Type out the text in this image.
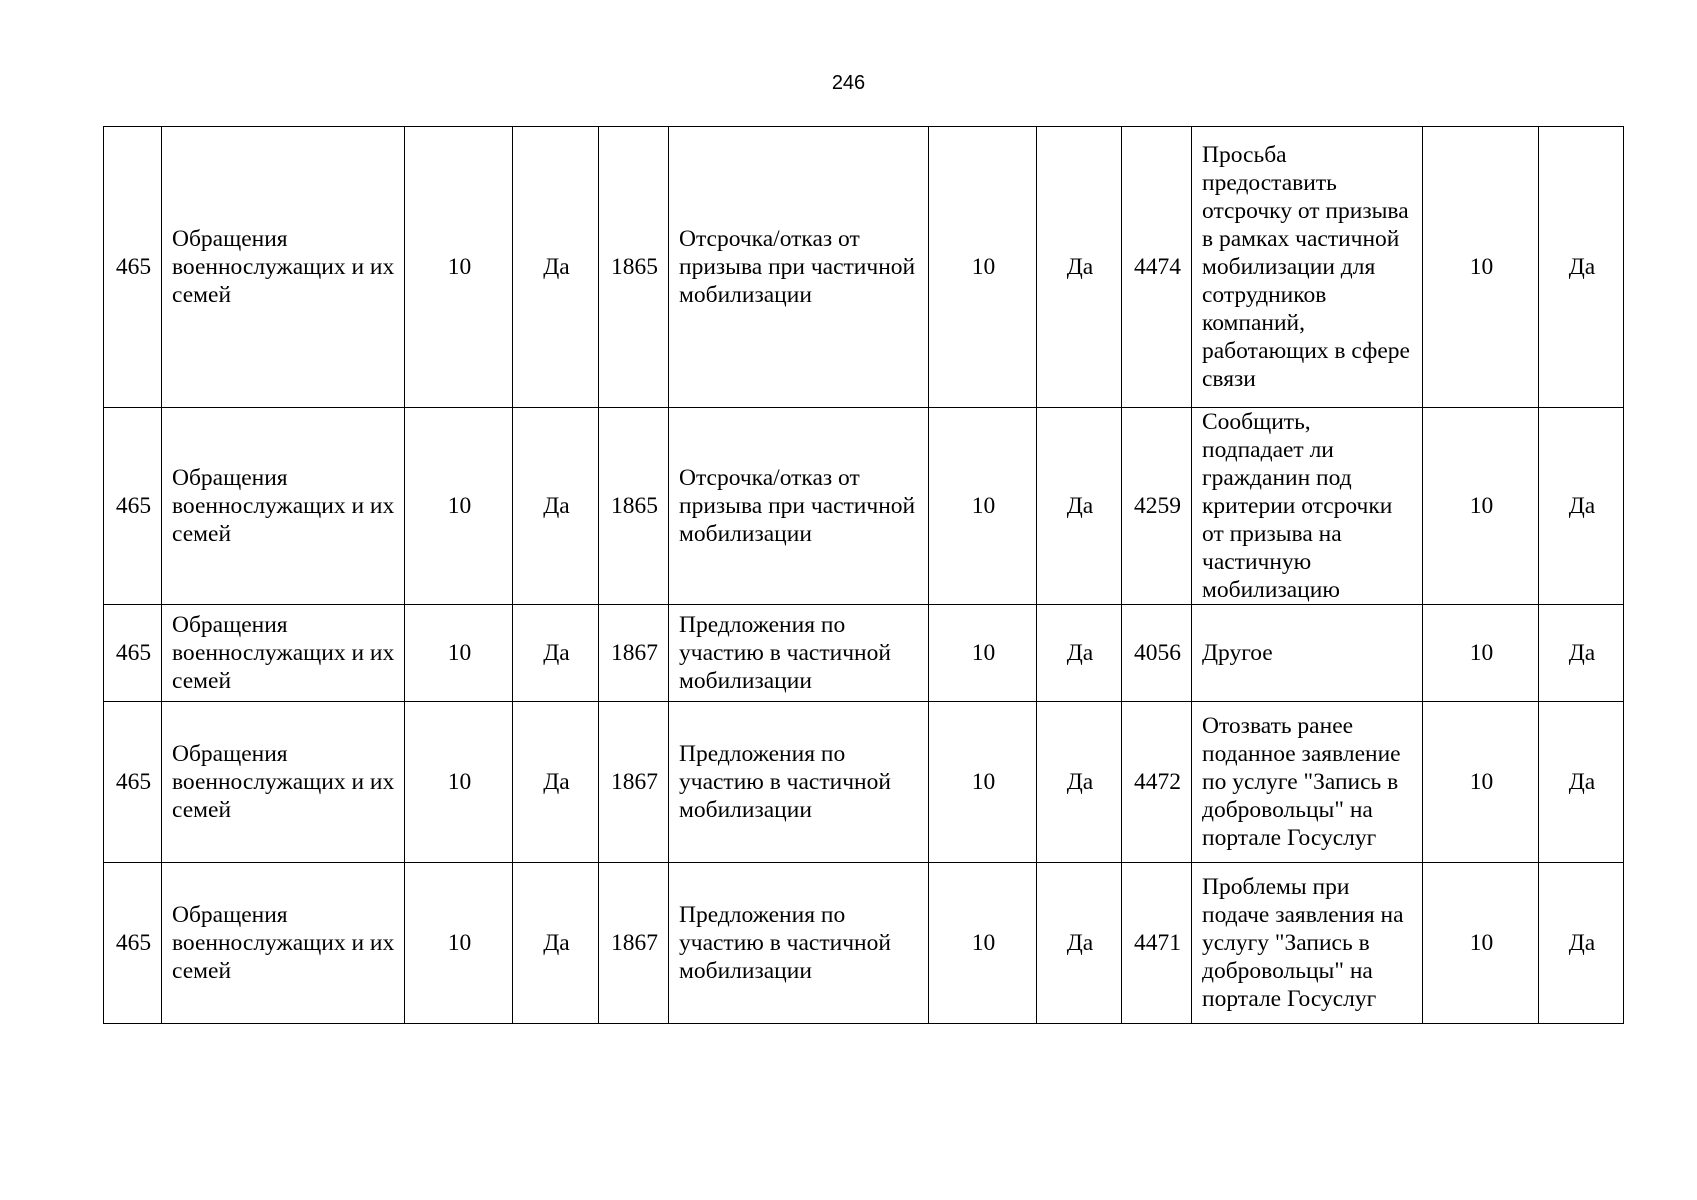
246
465	Обращения военнослужащих и их семей	10	Да	1865	Отсрочка/отказ от призыва при частичной мобилизации	10	Да	4474	Просьба предоставить отсрочку от призыва в рамках частичной мобилизации для сотрудников компаний, работающих в сфере связи	10	Да
465	Обращения военнослужащих и их семей	10	Да	1865	Отсрочка/отказ от призыва при частичной мобилизации	10	Да	4259	Сообщить, подпадает ли гражданин под критерии отсрочки от призыва на частичную мобилизацию	10	Да
465	Обращения военнослужащих и их семей	10	Да	1867	Предложения по участию в частичной мобилизации	10	Да	4056	Другое	10	Да
465	Обращения военнослужащих и их семей	10	Да	1867	Предложения по участию в частичной мобилизации	10	Да	4472	Отозвать ранее поданное заявление по услуге "Запись в добровольцы" на портале Госуслуг	10	Да
465	Обращения военнослужащих и их семей	10	Да	1867	Предложения по участию в частичной мобилизации	10	Да	4471	Проблемы при подаче заявления на услугу "Запись в добровольцы" на портале Госуслуг	10	Да
